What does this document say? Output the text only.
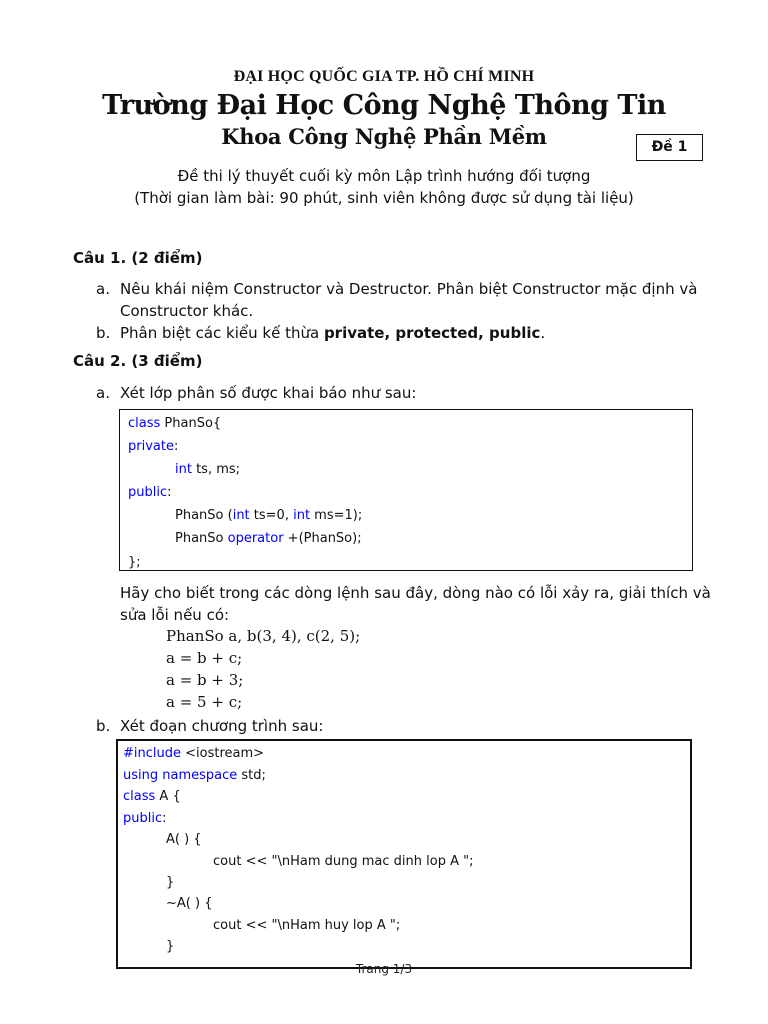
ĐẠI HỌC QUỐC GIA TP. HỒ CHÍ MINH
Trường Đại Học Công Nghệ Thông Tin
Khoa Công Nghệ Phần Mềm	Đề 1
Đề thi lý thuyết cuối kỳ môn Lập trình hướng đối tượng
(Thời gian làm bài: 90 phút, sinh viên không được sử dụng tài liệu)
Câu 1. (2 điểm)
a. Nêu khái niệm Constructor và Destructor. Phân biệt Constructor mặc định và
Constructor khác.
b. Phân biệt các kiểu kế thừa private, protected, public.
Câu 2. (3 điểm)
a. Xét lớp phân số được khai báo như sau:
class PhanSo{
private:
int ts, ms;
public:
PhanSo (int ts=0, int ms=1);
PhanSo operator +(PhanSo);
};
Hãy cho biết trong các dòng lệnh sau đây, dòng nào có lỗi xảy ra, giải thích và
sửa lỗi nếu có:
PhanSo a, b(3, 4), c(2, 5);
a = b + c;
a = b + 3;
a = 5 + c;
b. Xét đoạn chương trình sau:
#include <iostream>
using namespace std;
class A {
public:
A( ) {
cout << "\nHam dung mac dinh lop A ";
}
~A( ) {
cout << "\nHam huy lop A ";
}
Trang 1/3
